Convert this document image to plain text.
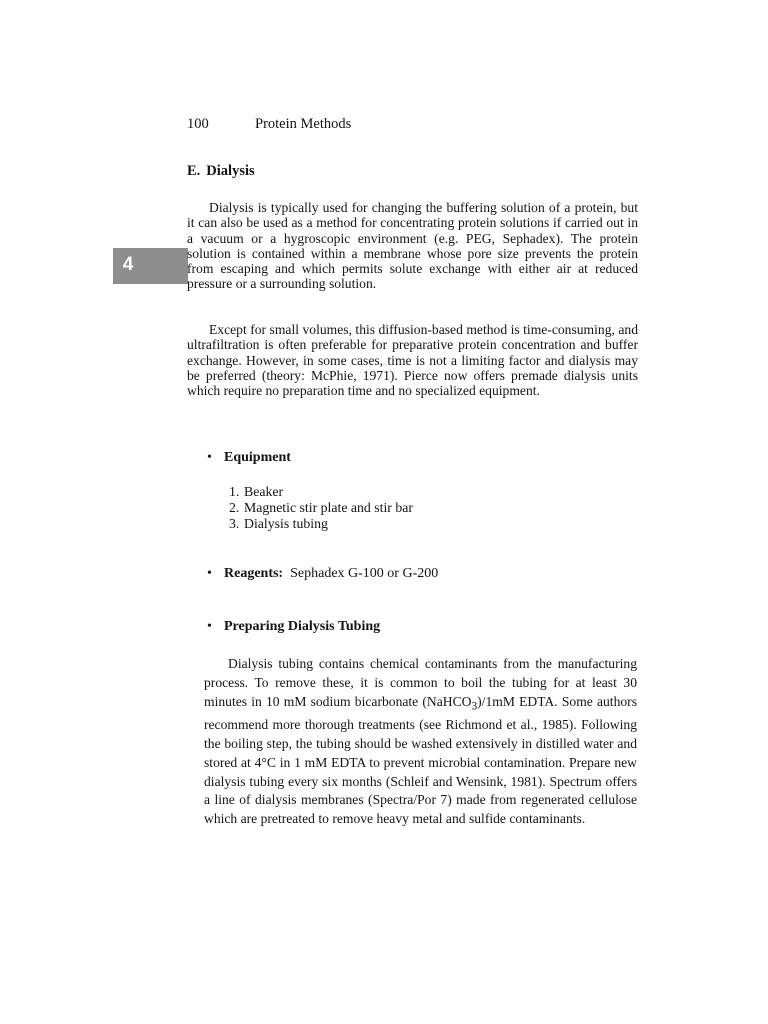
100	Protein Methods
E. Dialysis
4

Dialysis is typically used for changing the buffering solution of a protein, but it can also be used as a method for concentrating protein solutions if carried out in a vacuum or a hygroscopic environment (e.g. PEG, Sephadex). The protein solution is contained within a membrane whose pore size prevents the protein from escaping and which permits solute exchange with either air at reduced pressure or a surrounding solution.

Except for small volumes, this diffusion-based method is time-consuming, and ultrafiltration is often preferable for preparative protein concentration and buffer exchange. However, in some cases, time is not a limiting factor and dialysis may be preferred (theory: McPhie, 1971). Pierce now offers premade dialysis units which require no preparation time and no specialized equipment.

• Equipment
1. Beaker
2. Magnetic stir plate and stir bar
3. Dialysis tubing
• Reagents: Sephadex G-100 or G-200
• Preparing Dialysis Tubing

Dialysis tubing contains chemical contaminants from the manufacturing process. To remove these, it is common to boil the tubing for at least 30 minutes in 10 mM sodium bicarbonate (NaHCO$_3$)/1mM EDTA. Some authors recommend more thorough treatments (see Richmond et al., 1985). Following the boiling step, the tubing should be washed extensively in distilled water and stored at 4°C in 1 mM EDTA to prevent microbial contamination. Prepare new dialysis tubing every six months (Schleif and Wensink, 1981). Spectrum offers a line of dialysis membranes (Spectra/Por 7) made from regenerated cellulose which are pretreated to remove heavy metal and sulfide contaminants.
